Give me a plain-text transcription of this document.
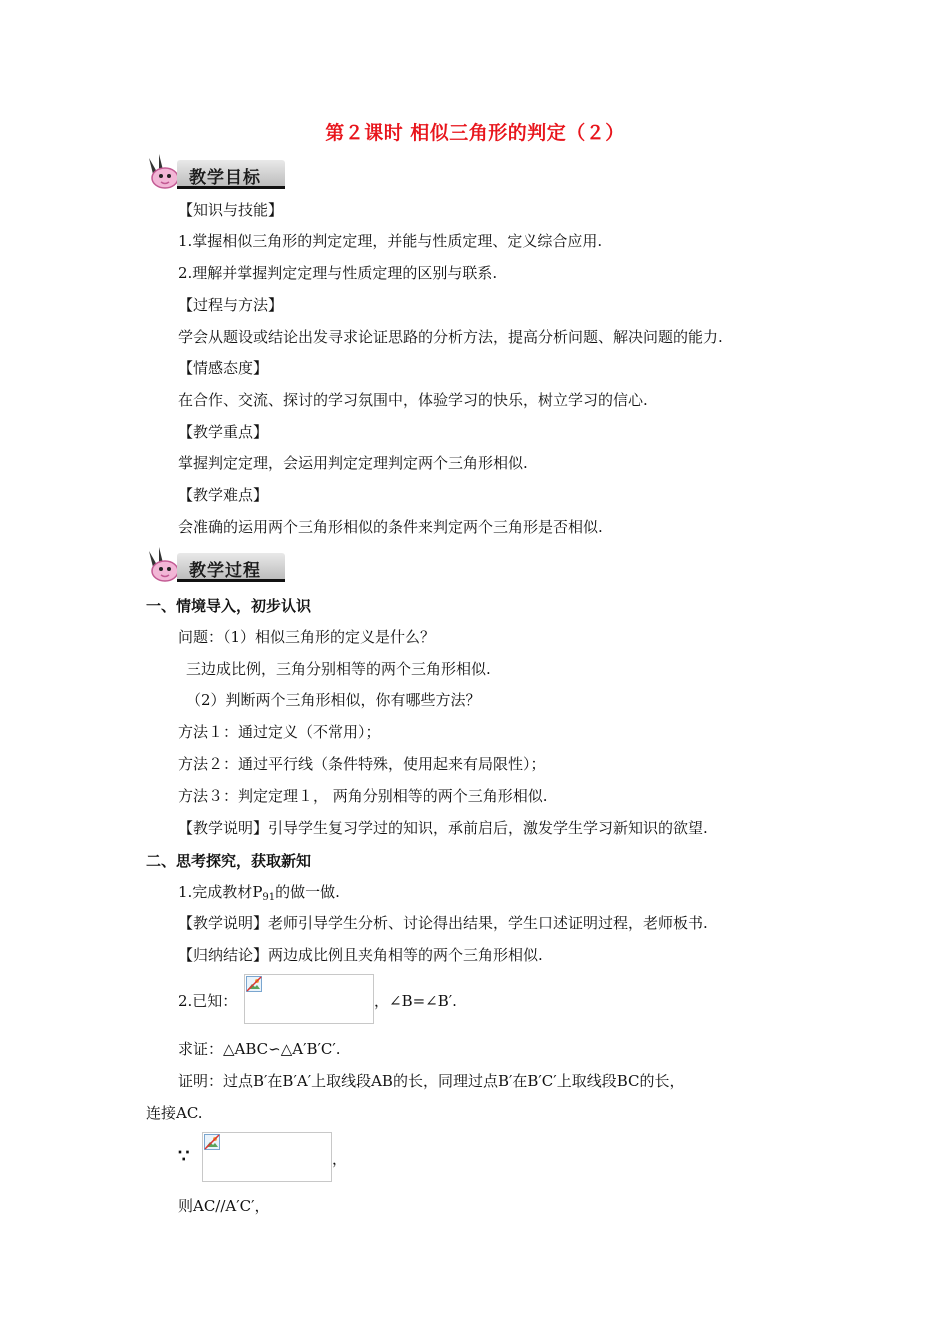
第２课时 相似三角形的判定（２）
教学目标
【知识与技能】
1.掌握相似三角形的判定定理，并能与性质定理、定义综合应用.
2.理解并掌握判定定理与性质定理的区别与联系.
【过程与方法】
学会从题设或结论出发寻求论证思路的分析方法，提高分析问题、解决问题的能力.
【情感态度】
在合作、交流、探讨的学习氛围中，体验学习的快乐，树立学习的信心.
【教学重点】
掌握判定定理，会运用判定定理判定两个三角形相似.
【教学难点】
会准确的运用两个三角形相似的条件来判定两个三角形是否相似.
教学过程
一、情境导入，初步认识
问题：（1）相似三角形的定义是什么？
三边成比例，三角分别相等的两个三角形相似.
（2）判断两个三角形相似，你有哪些方法？
方法１：通过定义（不常用）；
方法２：通过平行线（条件特殊，使用起来有局限性）；
方法３：判定定理１， 两角分别相等的两个三角形相似.
【教学说明】引导学生复习学过的知识，承前启后，激发学生学习新知识的欲望.
二、思考探究，获取新知
1.完成教材$P_{91}$的做一做.
【教学说明】老师引导学生分析、讨论得出结果，学生口述证明过程，老师板书.
【归纳结论】两边成比例且夹角相等的两个三角形相似.
2.已知：	，∠B=∠B′.
求证：△ABC∽△A′B′C′.
证明：过点B′在B′A′上取线段AB的长，同理过点B′在B′C′上取线段BC的长，
连接AC.
∵	，
则AC//A′C′，
